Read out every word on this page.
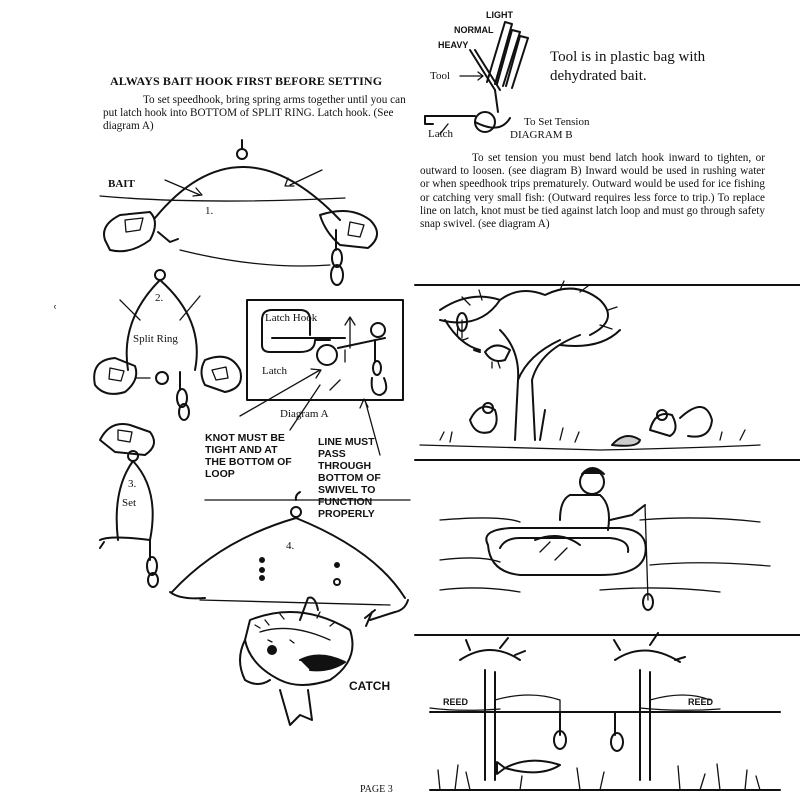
ALWAYS BAIT HOOK FIRST BEFORE SETTING
To set speedhook, bring spring arms together until you can put latch hook into BOTTOM of SPLIT RING. Latch hook. (See diagram A)
BAIT
1.
2.
Split Ring
Latch Hook
Latch
Diagram A
KNOT MUST BE TIGHT AND AT THE BOTTOM OF LOOP
LINE MUST PASS THROUGH BOTTOM OF SWIVEL TO FUNCTION PROPERLY
3.
Set
4.
CATCH
ʿ
PAGE 3
LIGHT
NORMAL
HEAVY
Tool
Latch
To Set Tension
DIAGRAM B
Tool is in plastic bag with dehydrated bait.
To set tension you must bend latch hook inward to tighten, or outward to loosen. (see diagram B) Inward would be used in rushing water or when speedhook trips prematurely. Outward would be used for ice fishing or catching very small fish: (Outward requires less force to trip.) To replace line on latch, knot must be tied against latch loop and must go through safety snap swivel. (see diagram A)
REED	REED
